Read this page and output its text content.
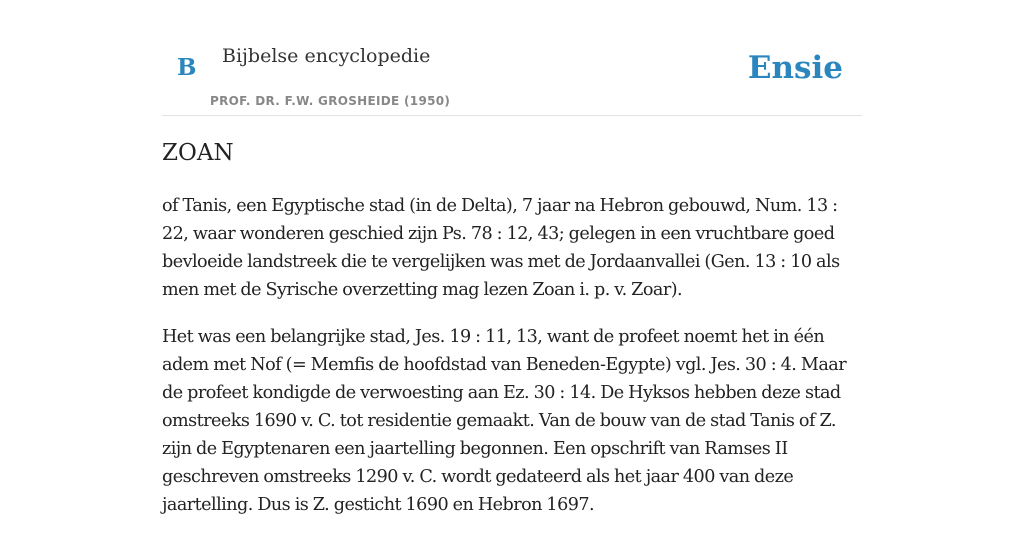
B Bijbelse encyclopedie
PROF. DR. F.W. GROSHEIDE (1950)
Ensie
ZOAN

of Tanis, een Egyptische stad (in de Delta), 7 jaar na Hebron gebouwd, Num. 13 : 22, waar wonderen geschied zijn Ps. 78 : 12, 43; gelegen in een vruchtbare goed bevloeide landstreek die te vergelijken was met de Jordaanvallei (Gen. 13 : 10 als men met de Syrische overzetting mag lezen Zoan i. p. v. Zoar).

Het was een belangrijke stad, Jes. 19 : 11, 13, want de profeet noemt het in één adem met Nof (= Memfis de hoofdstad van Beneden-Egypte) vgl. Jes. 30 : 4. Maar de profeet kondigde de verwoesting aan Ez. 30 : 14. De Hyksos hebben deze stad omstreeks 1690 v. C. tot residentie gemaakt. Van de bouw van de stad Tanis of Z. zijn de Egyptenaren een jaartelling begonnen. Een opschrift van Ramses II geschreven omstreeks 1290 v. C. wordt gedateerd als het jaar 400 van deze jaartelling. Dus is Z. gesticht 1690 en Hebron 1697.
